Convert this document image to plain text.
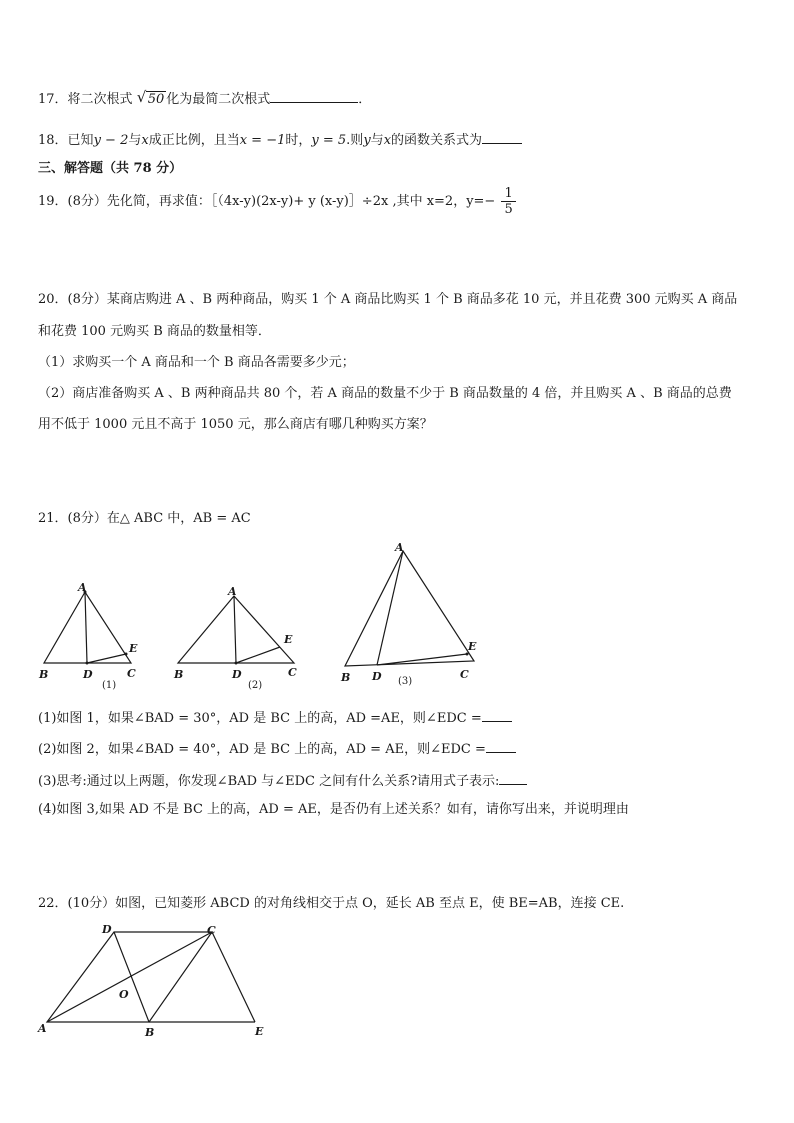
17．将二次根式 √ 50 化为最简二次根式	．
18．已知y − 2与x成正比例，且当x = −1时，y = 5.则y与x的函数关系式为
三、解答题（共 78 分）
19．(8分）先化简，再求值：［（4x-y)(2x-y)+ y (x-y)］÷2x ,其中 x=2，$y=- \frac{1}{5}$
20．(8分）某商店购进 A 、B 两种商品，购买 1 个 A 商品比购买 1 个 B 商品多花 10 元，并且花费 300 元购买 A 商品
和花费 100 元购买 B 商品的数量相等．
（1）求购买一个 A 商品和一个 B 商品各需要多少元；
（2）商店准备购买 A 、B 两种商品共 80 个，若 A 商品的数量不少于 B 商品数量的 4 倍，并且购买 A 、B 商品的总费
用不低于 1000 元且不高于 1050 元，那么商店有哪几种购买方案？
21．(8分）在△ ABC 中，AB = AC
A
B	D	C
E
(1)
A
B	D	C
E
(2)
A
B D	C
E
(3)
(1)如图 1，如果∠BAD = 30°，AD 是 BC 上的高，AD =AE，则∠EDC =
(2)如图 2，如果∠BAD = 40°，AD 是 BC 上的高，AD = AE，则∠EDC =
(3)思考:通过以上两题，你发现∠BAD 与∠EDC 之间有什么关系?请用式子表示:
(4)如图 3,如果 AD 不是 BC 上的高，AD = AE，是否仍有上述关系？如有，请你写出来，并说明理由
22．(10分）如图，已知菱形 ABCD 的对角线相交于点 O，延长 AB 至点 E，使 BE=AB，连接 CE.
D	C
O
A	B	E
